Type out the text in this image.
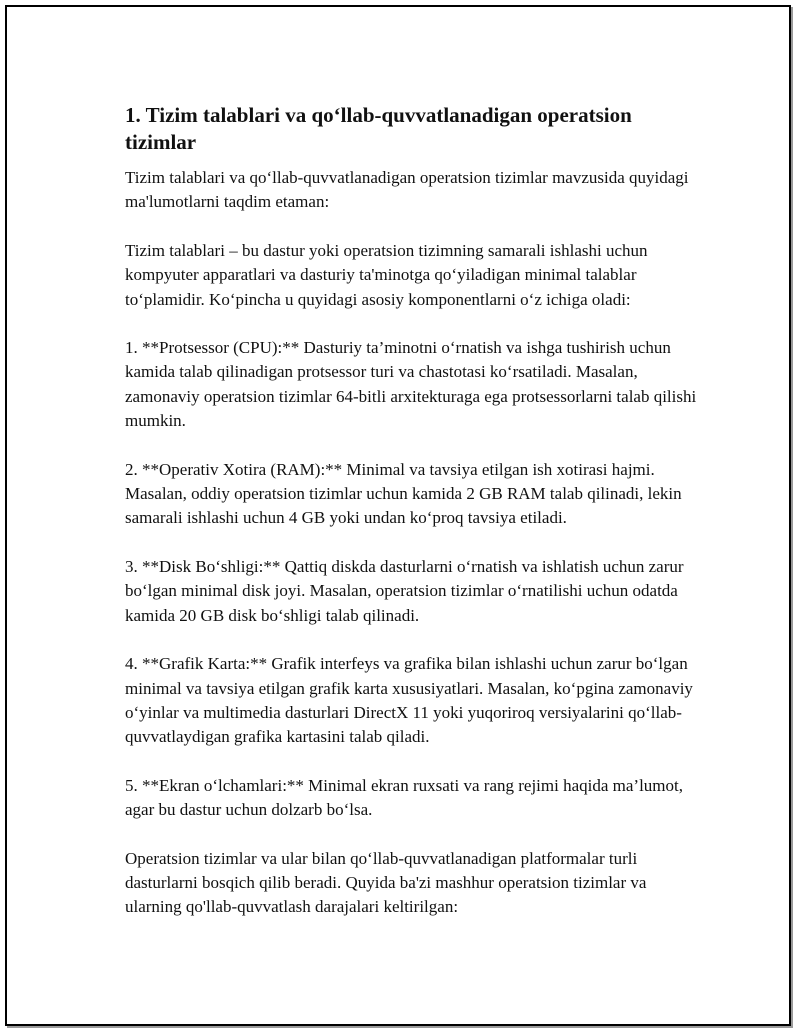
1. Tizim talablari va qo‘llab-quvvatlanadigan operatsion tizimlar

Tizim talablari va qo‘llab-quvvatlanadigan operatsion tizimlar mavzusida quyidagi ma'lumotlarni taqdim etaman:

Tizim talablari – bu dastur yoki operatsion tizimning samarali ishlashi uchun kompyuter apparatlari va dasturiy ta'minotga qo‘yiladigan minimal talablar to‘plamidir. Ko‘pincha u quyidagi asosiy komponentlarni o‘z ichiga oladi:

1. **Protsessor (CPU):** Dasturiy ta’minotni o‘rnatish va ishga tushirish uchun kamida talab qilinadigan protsessor turi va chastotasi ko‘rsatiladi. Masalan, zamonaviy operatsion tizimlar 64-bitli arxitekturaga ega protsessorlarni talab qilishi mumkin.

2. **Operativ Xotira (RAM):** Minimal va tavsiya etilgan ish xotirasi hajmi. Masalan, oddiy operatsion tizimlar uchun kamida 2 GB RAM talab qilinadi, lekin samarali ishlashi uchun 4 GB yoki undan ko‘proq tavsiya etiladi.

3. **Disk Bo‘shligi:** Qattiq diskda dasturlarni o‘rnatish va ishlatish uchun zarur bo‘lgan minimal disk joyi. Masalan, operatsion tizimlar o‘rnatilishi uchun odatda kamida 20 GB disk bo‘shligi talab qilinadi.

4. **Grafik Karta:** Grafik interfeys va grafika bilan ishlashi uchun zarur bo‘lgan minimal va tavsiya etilgan grafik karta xususiyatlari. Masalan, ko‘pgina zamonaviy o‘yinlar va multimedia dasturlari DirectX 11 yoki yuqoriroq versiyalarini qo‘llab-quvvatlaydigan grafika kartasini talab qiladi.

5. **Ekran o‘lchamlari:** Minimal ekran ruxsati va rang rejimi haqida ma’lumot, agar bu dastur uchun dolzarb bo‘lsa.

Operatsion tizimlar va ular bilan qo‘llab-quvvatlanadigan platformalar turli dasturlarni bosqich qilib beradi. Quyida ba'zi mashhur operatsion tizimlar va ularning qo'llab-quvvatlash darajalari keltirilgan:
